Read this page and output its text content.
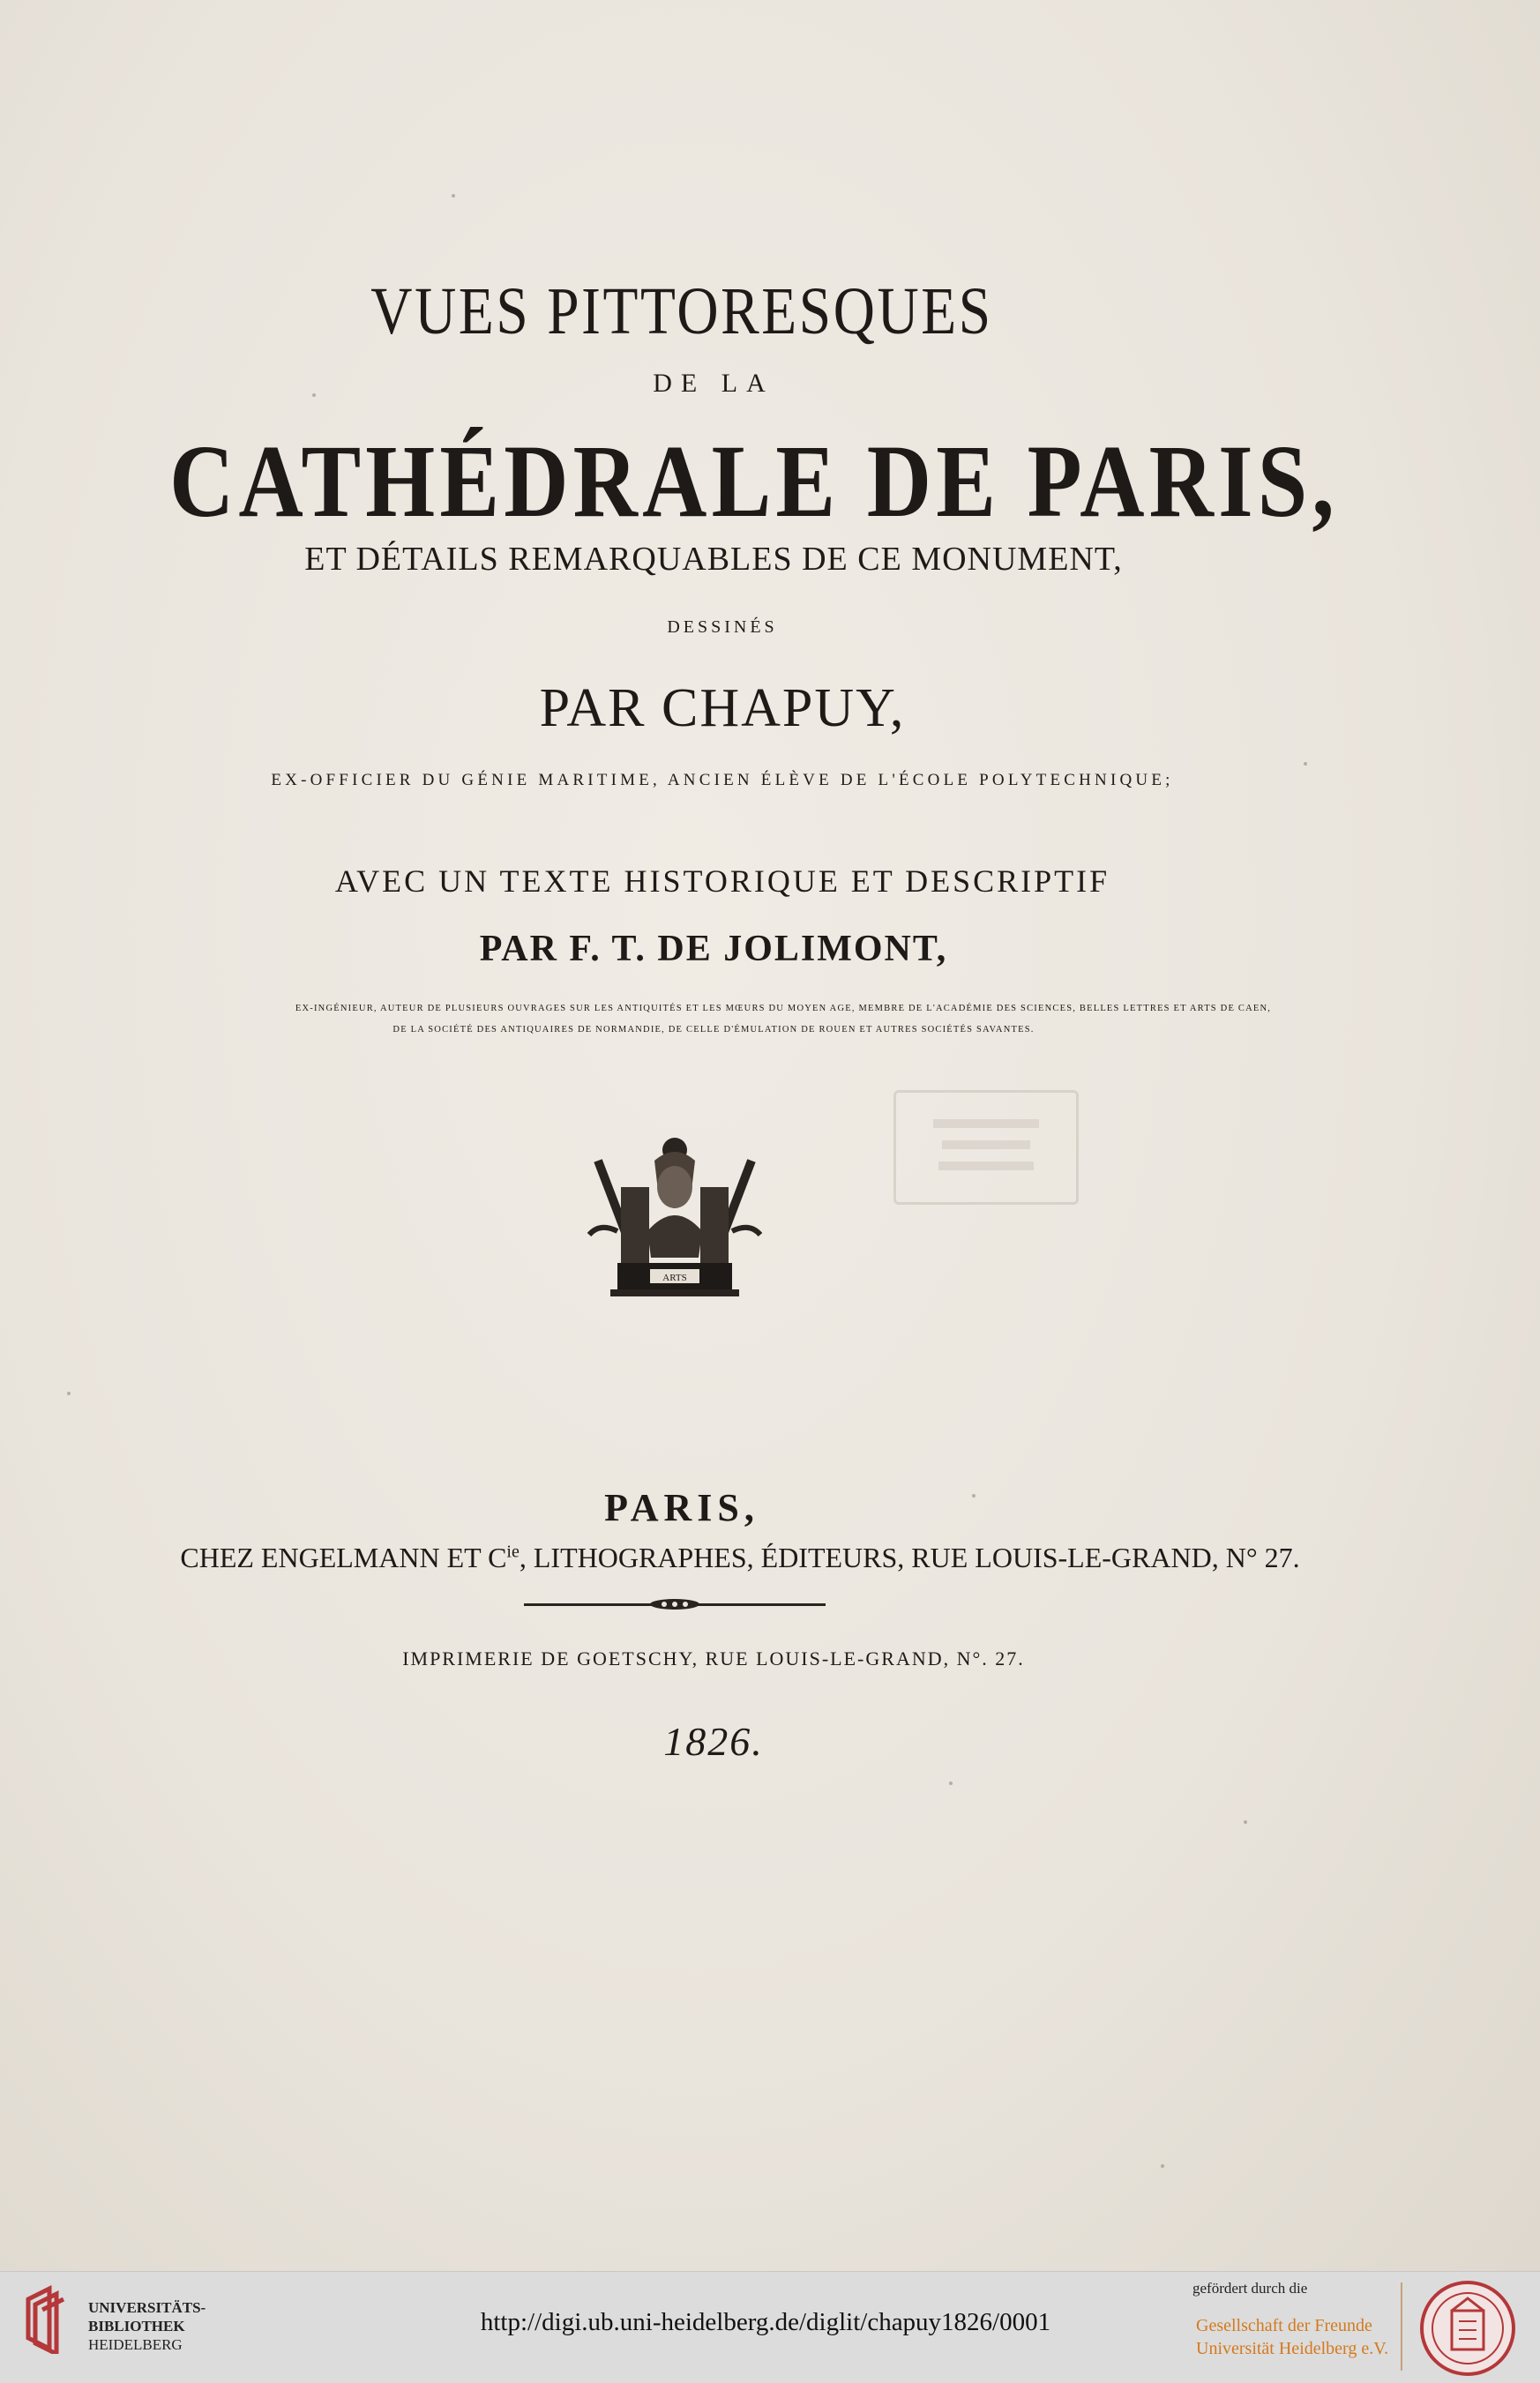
VUES PITTORESQUES
DE LA
CATHÉDRALE DE PARIS,
ET DÉTAILS REMARQUABLES DE CE MONUMENT,
DESSINÉS
PAR CHAPUY,
EX-OFFICIER DU GÉNIE MARITIME, ANCIEN ÉLÈVE DE L'ÉCOLE POLYTECHNIQUE;
AVEC UN TEXTE HISTORIQUE ET DESCRIPTIF
PAR F. T. DE JOLIMONT,
EX-INGÉNIEUR, AUTEUR DE PLUSIEURS OUVRAGES SUR LES ANTIQUITÉS ET LES MŒURS DU MOYEN AGE, MEMBRE DE L'ACADÉMIE DES SCIENCES, BELLES LETTRES ET ARTS DE CAEN,
DE LA SOCIÉTÉ DES ANTIQUAIRES DE NORMANDIE, DE CELLE D'ÉMULATION DE ROUEN ET AUTRES SOCIÉTÉS SAVANTES.
ARTS
PARIS,
CHEZ ENGELMANN ET $C^{ie}$, LITHOGRAPHES, ÉDITEURS, RUE LOUIS-LE-GRAND, N° 27.
IMPRIMERIE DE GOETSCHY, RUE LOUIS-LE-GRAND, N°. 27.
1826.
UNIVERSITÄTS-
BIBLIOTHEK
HEIDELBERG
http://digi.ub.uni-heidelberg.de/diglit/chapuy1826/0001
gefördert durch die
Gesellschaft der Freunde
Universität Heidelberg e.V.
